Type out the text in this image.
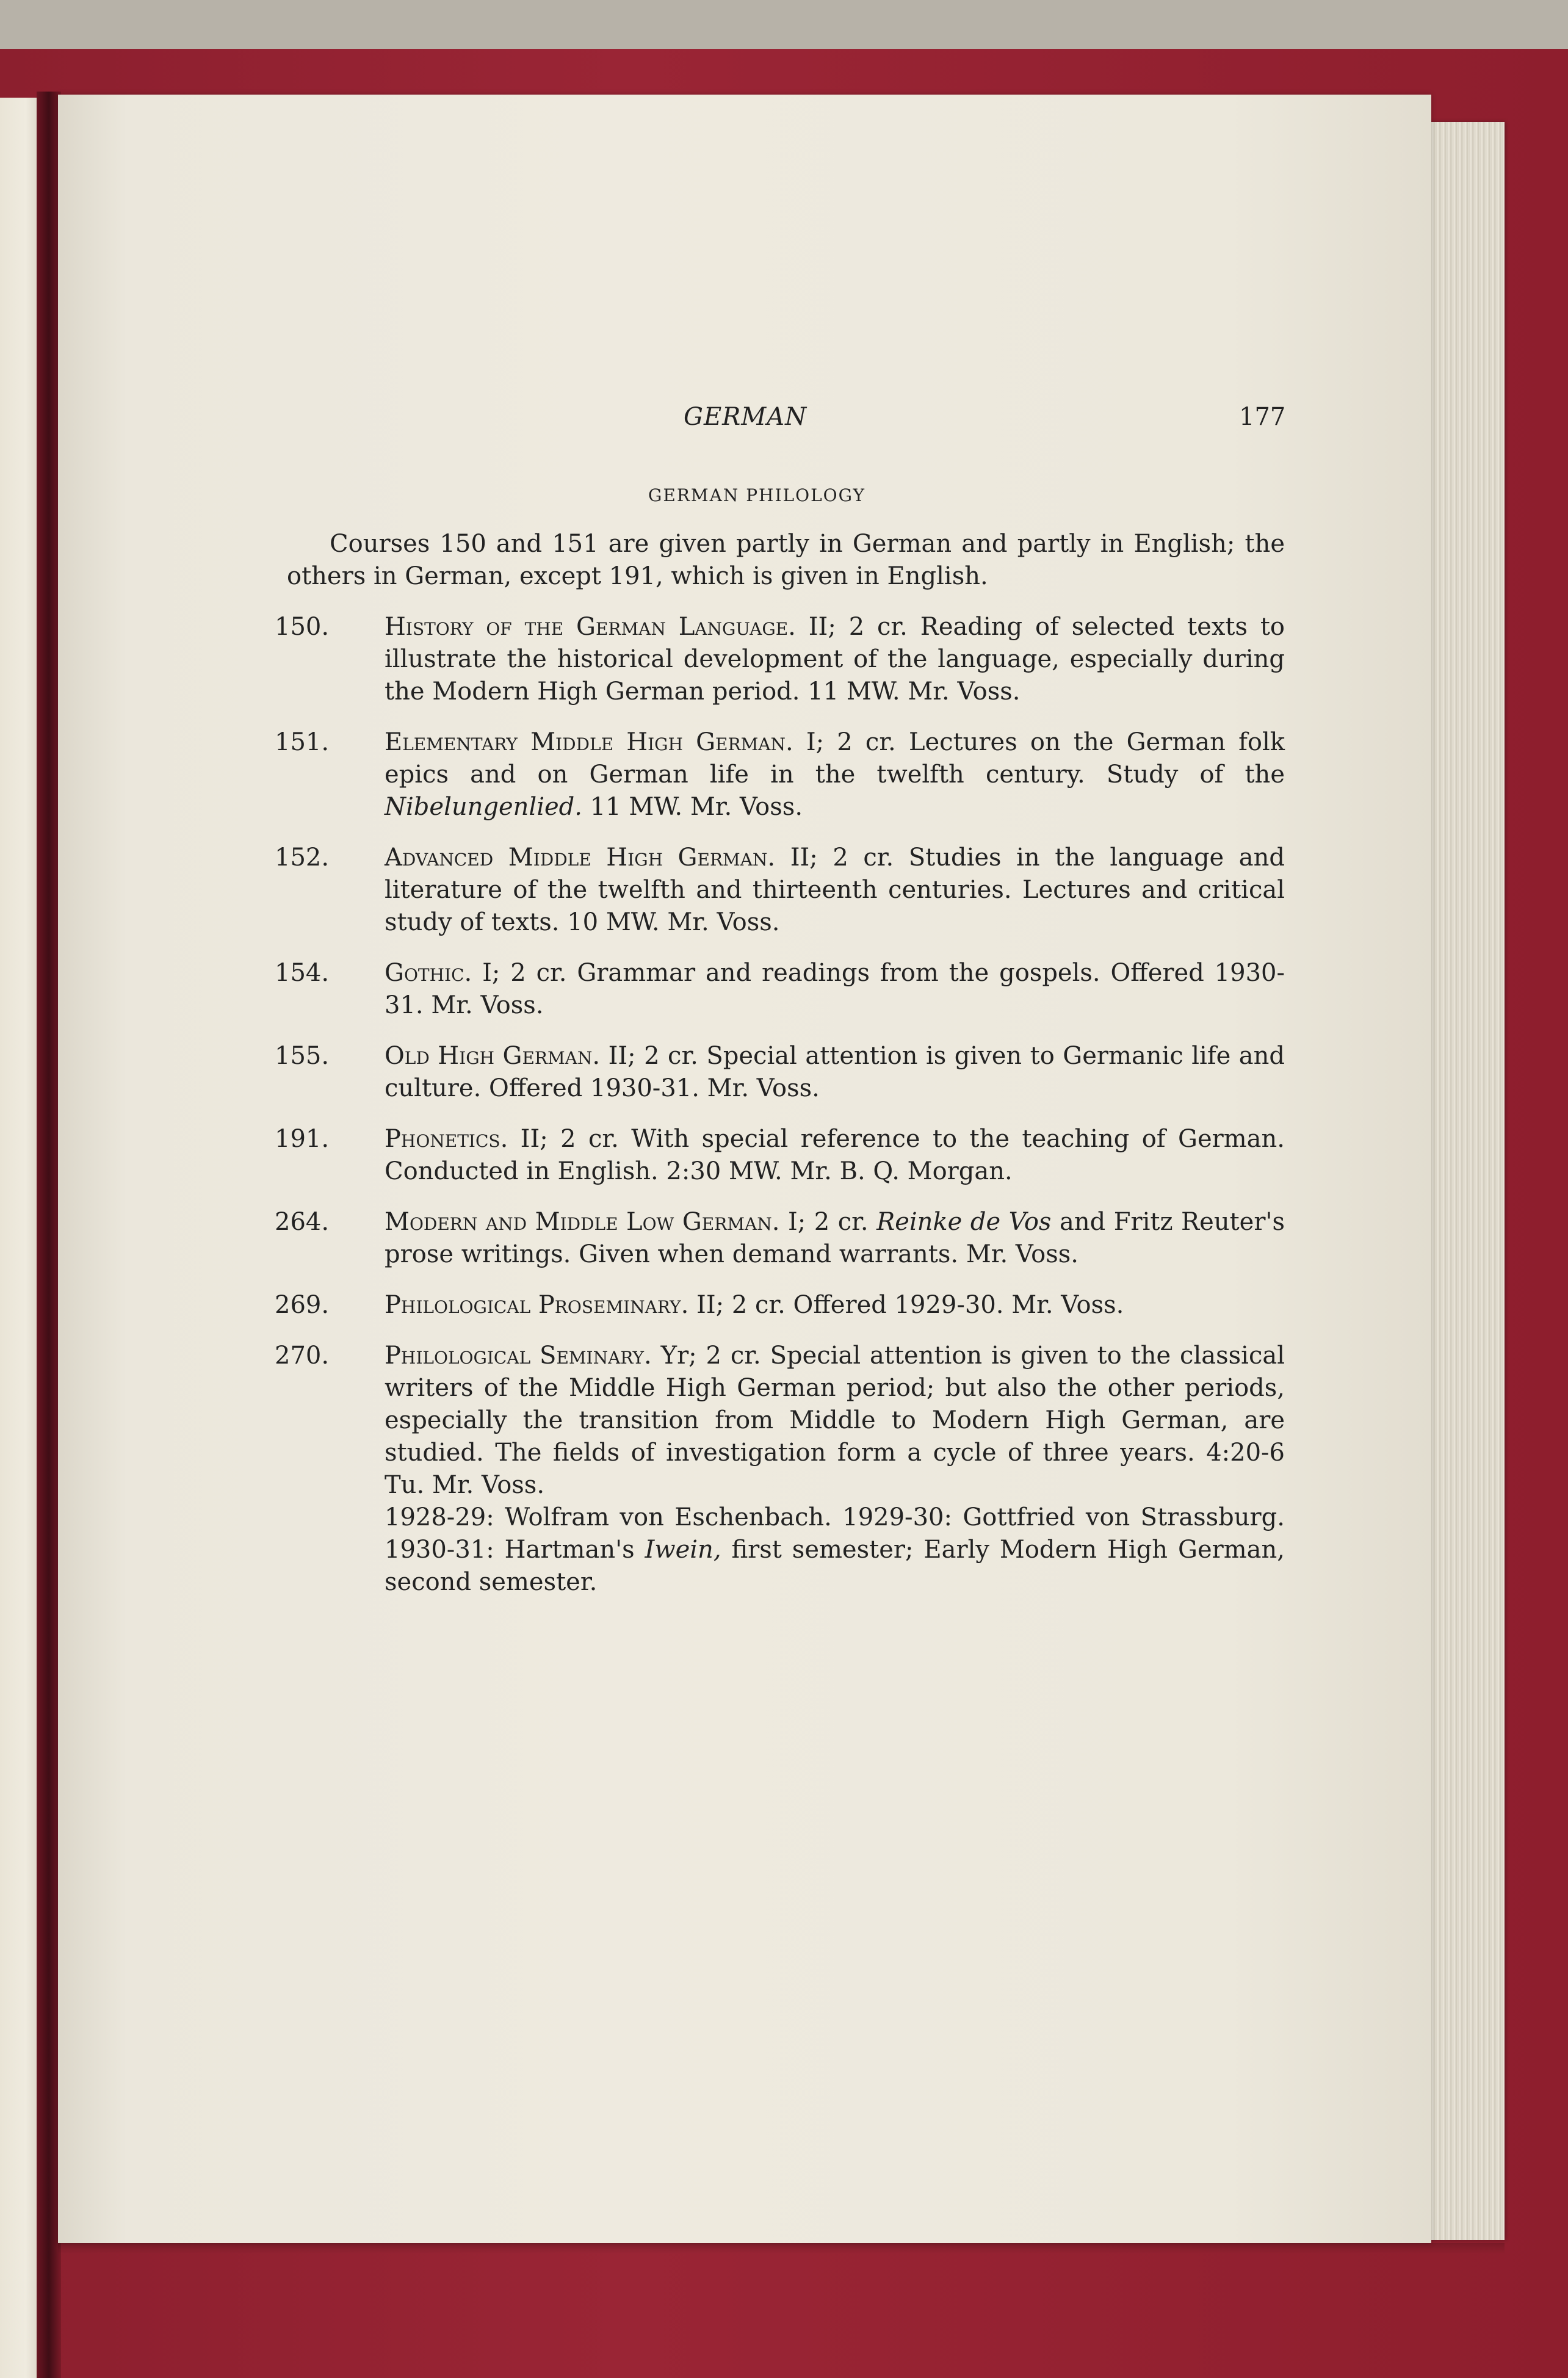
GERMAN	177
GERMAN PHILOLOGY

Courses 150 and 151 are given partly in German and partly in English; the others in German, except 191, which is given in English.

150. History of the German Language. II; 2 cr. Reading of selected texts to illustrate the historical development of the language, especially during the Modern High German period. 11 MW. Mr. Voss.
151. Elementary Middle High German. I; 2 cr. Lectures on the German folk epics and on German life in the twelfth century. Study of the Nibelungenlied. 11 MW. Mr. Voss.
152. Advanced Middle High German. II; 2 cr. Studies in the language and literature of the twelfth and thirteenth centuries. Lectures and critical study of texts. 10 MW. Mr. Voss.
154. Gothic. I; 2 cr. Grammar and readings from the gospels. Offered 1930-31. Mr. Voss.
155. Old High German. II; 2 cr. Special attention is given to Germanic life and culture. Offered 1930-31. Mr. Voss.
191. Phonetics. II; 2 cr. With special reference to the teaching of German. Conducted in English. 2:30 MW. Mr. B. Q. Morgan.
264. Modern and Middle Low German. I; 2 cr. Reinke de Vos and Fritz Reuter's prose writings. Given when demand warrants. Mr. Voss.
269. Philological Proseminary. II; 2 cr. Offered 1929-30. Mr. Voss.
270. Philological Seminary. Yr; 2 cr. Special attention is given to the classical writers of the Middle High German period; but also the other periods, especially the transition from Middle to Modern High German, are studied. The fields of investigation form a cycle of three years. 4:20-6 Tu. Mr. Voss.
1928-29: Wolfram von Eschenbach. 1929-30: Gottfried von Strassburg. 1930-31: Hartman's Iwein, first semester; Early Modern High German, second semester.
